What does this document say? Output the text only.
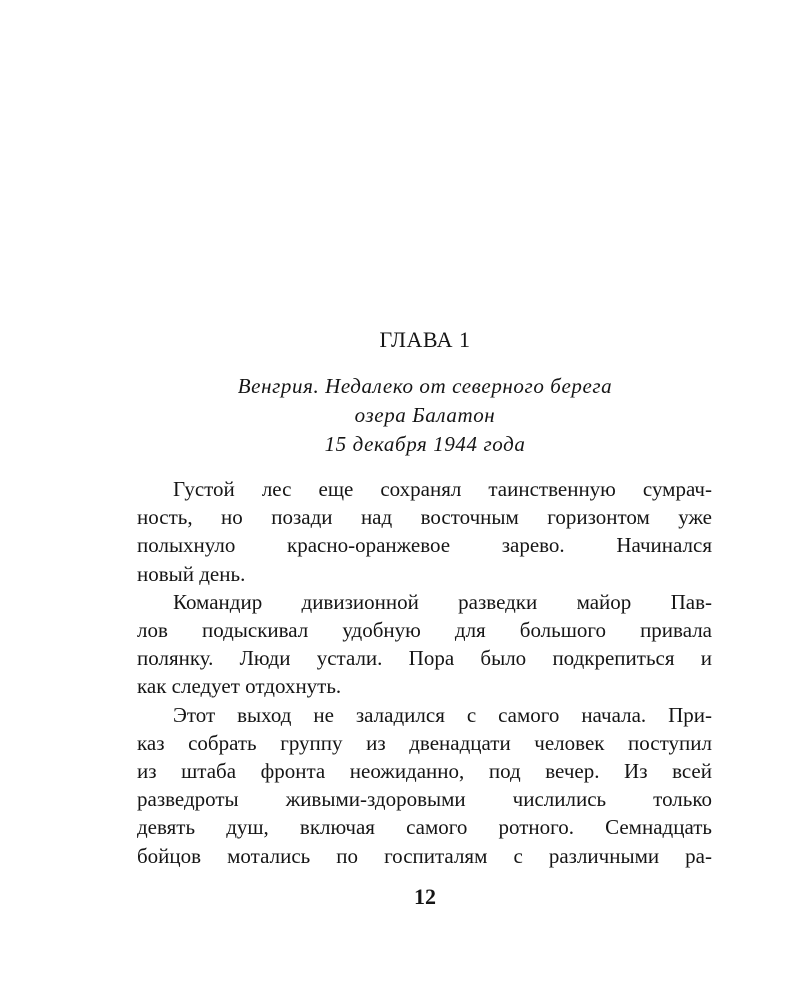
ГЛАВА 1
Венгрия. Недалеко от северного берега
озера Балатон
15 декабря 1944 года

Густой лес еще сохранял таинственную сумрач-
ность, но позади над восточным горизонтом уже
полыхнуло красно-оранжевое зарево. Начинался
новый день.

Командир дивизионной разведки майор Пав-
лов подыскивал удобную для большого привала
полянку. Люди устали. Пора было подкрепиться и
как следует отдохнуть.

Этот выход не заладился с самого начала. При-
каз собрать группу из двенадцати человек поступил
из штаба фронта неожиданно, под вечер. Из всей
разведроты живыми-здоровыми числились только
девять душ, включая самого ротного. Семнадцать
бойцов мотались по госпиталям с различными ра-

12
